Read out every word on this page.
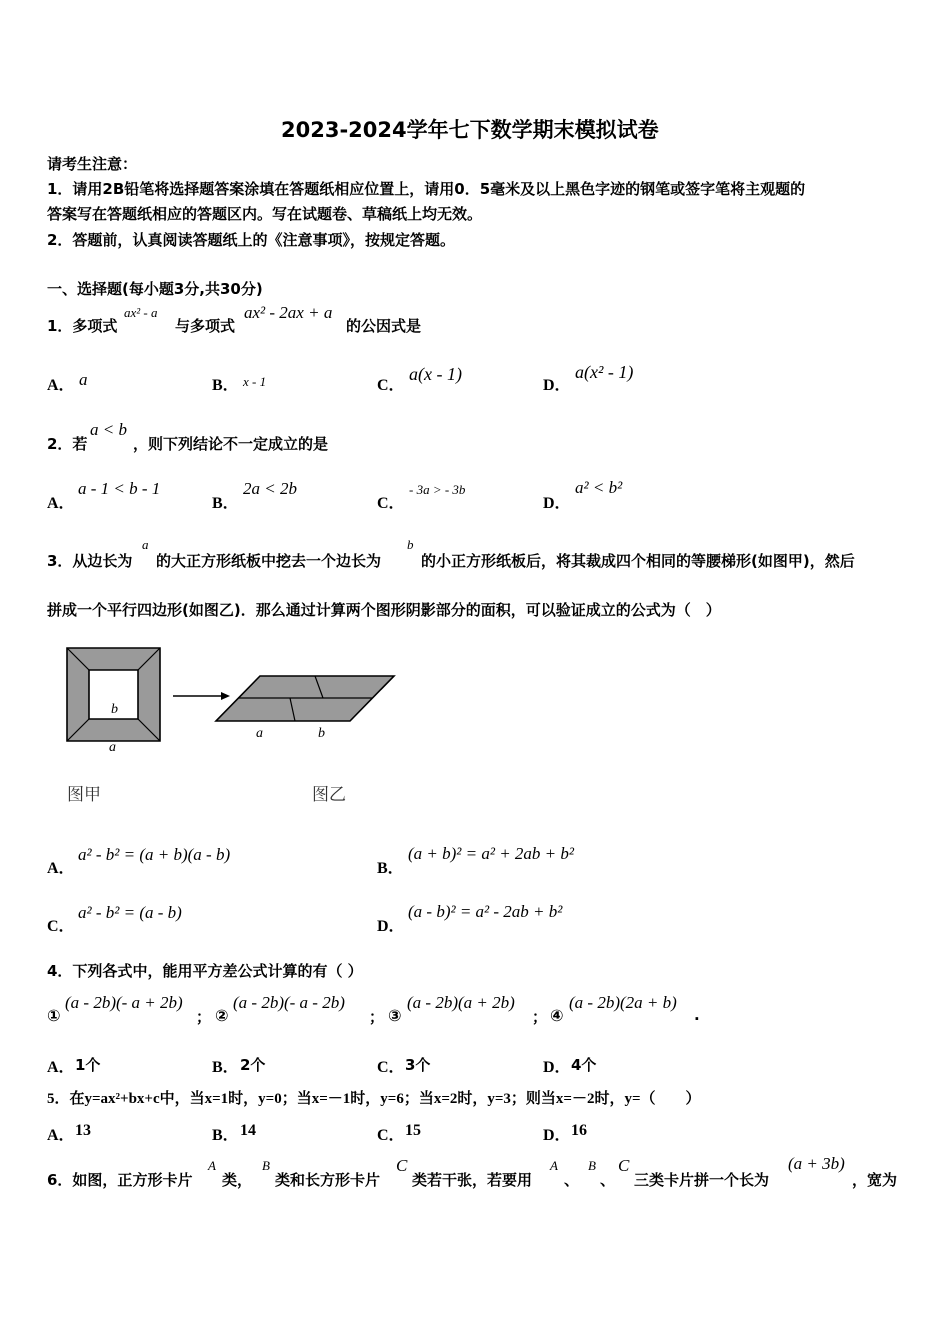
2023-2024学年七下数学期末模拟试卷
请考生注意：
1．请用2B铅笔将选择题答案涂填在答题纸相应位置上，请用0．5毫米及以上黑色字迹的钢笔或签字笔将主观题的
答案写在答题纸相应的答题区内。写在试题卷、草稿纸上均无效。
2．答题前，认真阅读答题纸上的《注意事项》，按规定答题。
一、选择题(每小题3分,共30分)
1．多项式
ax² - a
与多项式
ax² - 2ax + a
的公因式是
A． a	B． x - 1	C．
a(x - 1)
D．
a(x² - 1)
2．若
a < b
，则下列结论不一定成立的是
A．
a - 1 < b - 1
B．
2a < 2b
C．
- 3a > - 3b
D．
a² < b²
3．从边长为
a
的大正方形纸板中挖去一个边长为
b
的小正方形纸板后，将其裁成四个相同的等腰梯形(如图甲)，然后
拼成一个平行四边形(如图乙)．那么通过计算两个图形阴影部分的面积，可以验证成立的公式为（　）
b
a
图甲
a	b
图乙
A．
a² - b² = (a + b)(a - b)
B．
(a + b)² = a² + 2ab + b²
C．
a² - b² = (a - b)
D．
(a - b)² = a² - 2ab + b²
4．下列各式中，能用平方差公式计算的有（ ）
①
(a - 2b)(- a + 2b)
； ②
(a - 2b)(- a - 2b)
； ③
(a - 2b)(a + 2b)
； ④
(a - 2b)(2a + b)
.
A． 1个	B． 2个	C． 3个	D． 4个
5．在y=ax²+bx+c中，当x=1时，y=0；当x=－1时，y=6；当x=2时，y=3；则当x=－2时，y=（　　）
A． 13	B． 14	C． 15	D． 16
6．如图，正方形卡片
A
类，
B
类和长方形卡片
C
类若干张，若要用
A
、
B
、
C
三类卡片拼一个长为
(a + 3b)
，宽为
